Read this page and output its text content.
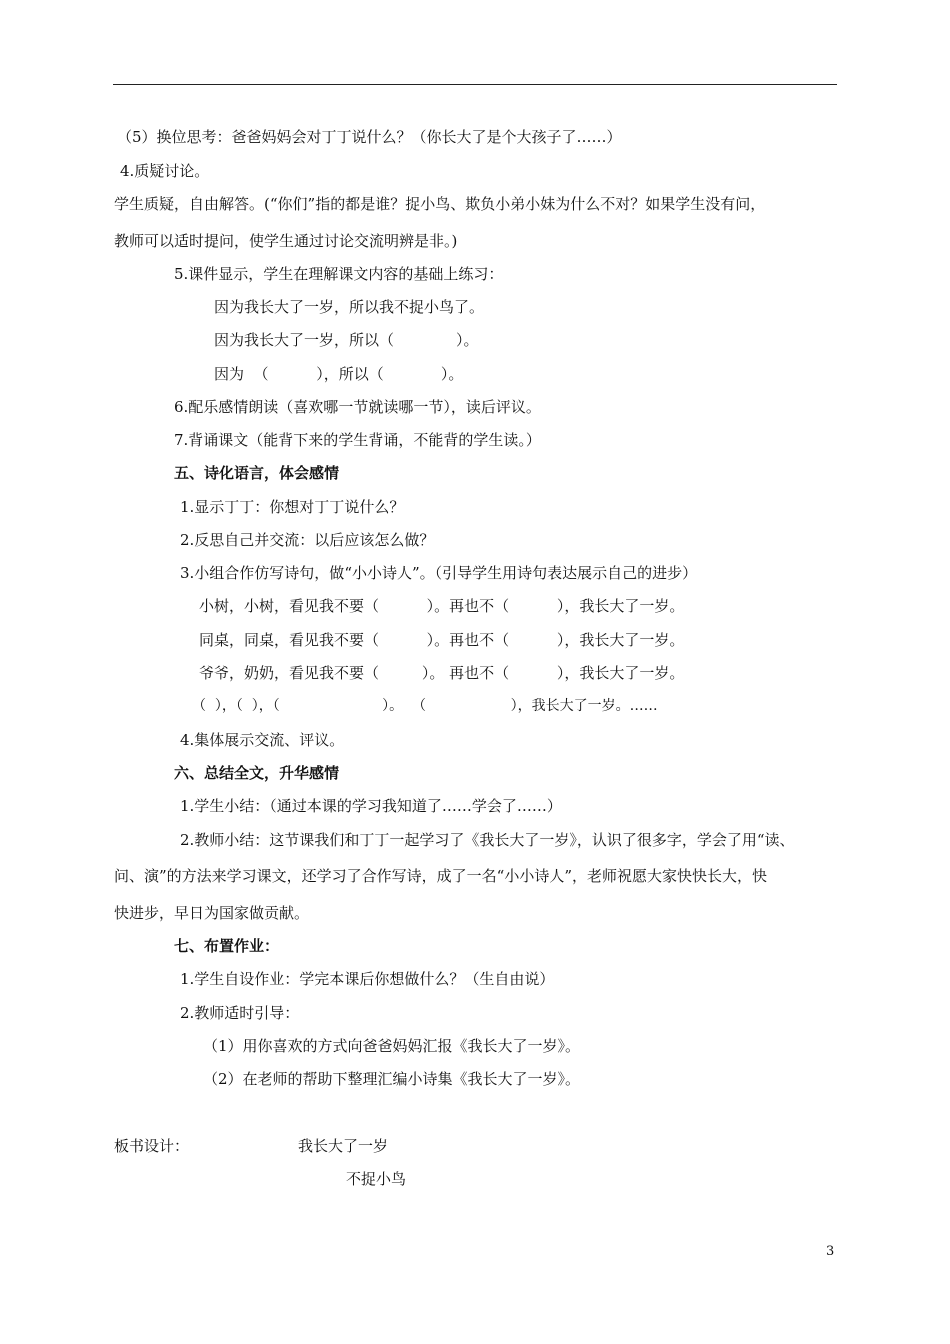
（5）换位思考：爸爸妈妈会对丁丁说什么？（你长大了是个大孩子了……）
4.质疑讨论。
学生质疑，自由解答。(“你们”指的都是谁？捉小鸟、欺负小弟小妹为什么不对？如果学生没有问，
教师可以适时提问，使学生通过讨论交流明辨是非。)
5.课件显示，学生在理解课文内容的基础上练习：
因为我长大了一岁，所以我不捉小鸟了。
因为我长大了一岁，所以（             ）。
因为  （          ），所以（            ）。
6.配乐感情朗读（喜欢哪一节就读哪一节），读后评议。
7.背诵课文（能背下来的学生背诵，不能背的学生读。）
五、诗化语言，体会感情
1.显示丁丁：你想对丁丁说什么？
2.反思自己并交流：以后应该怎么做？
3.小组合作仿写诗句，做“小小诗人”。（引导学生用诗句表达展示自己的进步）
小树，小树，看见我不要（          ）。再也不（          ），我长大了一岁。
同桌，同桌，看见我不要（          ）。再也不（          ），我长大了一岁。
爷爷，奶奶，看见我不要（         ）。 再也不（          ），我长大了一岁。
（  ），（  ），（                       ）。  （                   ），我长大了一岁。……
4.集体展示交流、评议。
六、总结全文，升华感情
1.学生小结：（通过本课的学习我知道了……学会了……）
2.教师小结：这节课我们和丁丁一起学习了《我长大了一岁》，认识了很多字，学会了用“读、
问、演”的方法来学习课文，还学习了合作写诗，成了一名“小小诗人”，老师祝愿大家快快长大，快
快进步，早日为国家做贡献。
七、布置作业：
1.学生自设作业：学完本课后你想做什么？（生自由说）
2.教师适时引导：
（1）用你喜欢的方式向爸爸妈妈汇报《我长大了一岁》。
（2）在老师的帮助下整理汇编小诗集《我长大了一岁》。
板书设计：	我长大了一岁
不捉小鸟
3
